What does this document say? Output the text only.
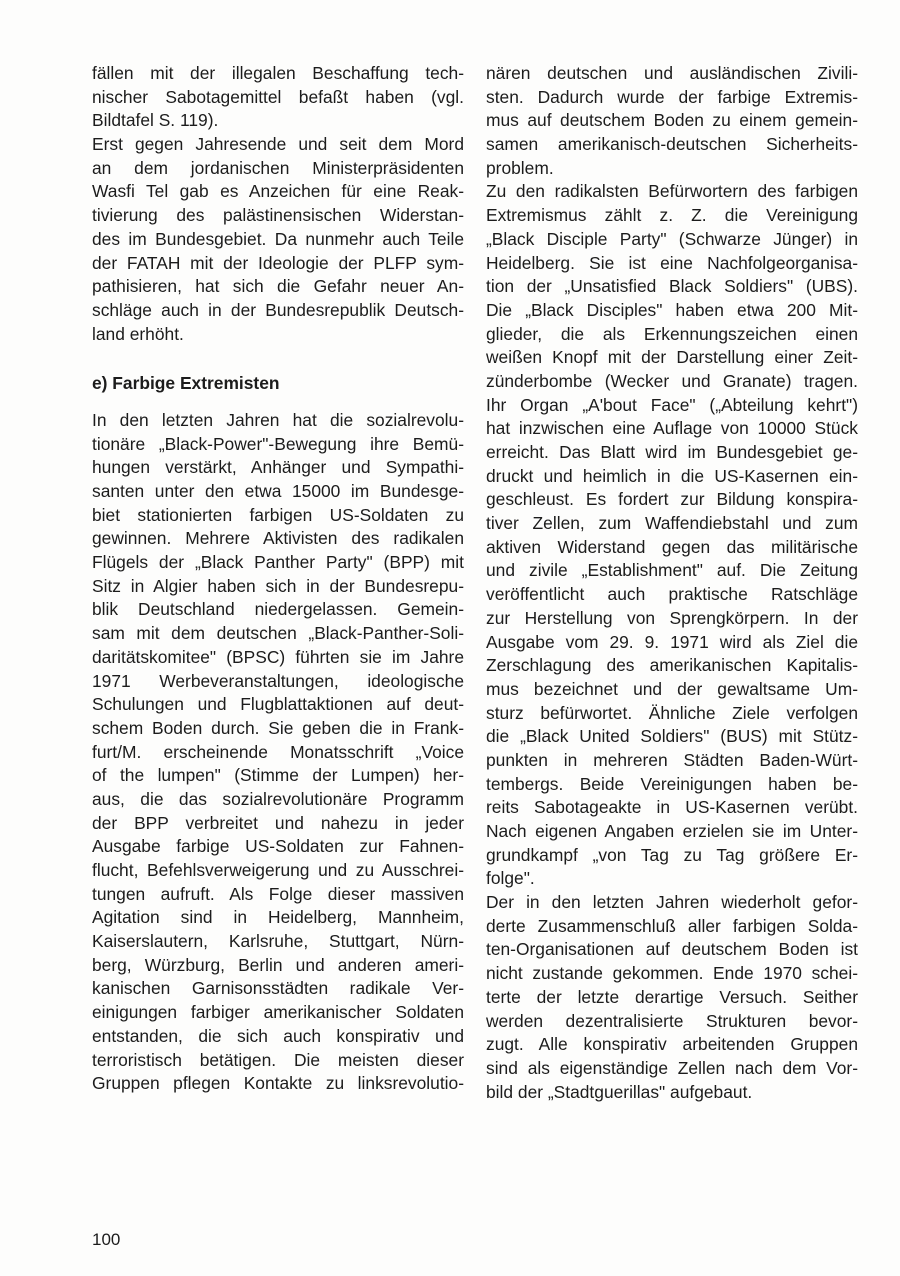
fällen mit der illegalen Beschaffung tech-
nischer Sabotagemittel befaßt haben (vgl.
Bildtafel S. 119).
Erst gegen Jahresende und seit dem Mord
an dem jordanischen Ministerpräsidenten
Wasfi Tel gab es Anzeichen für eine Reak-
tivierung des palästinensischen Widerstan-
des im Bundesgebiet. Da nunmehr auch Teile
der FATAH mit der Ideologie der PLFP sym-
pathisieren, hat sich die Gefahr neuer An-
schläge auch in der Bundesrepublik Deutsch-
land erhöht.
e) Farbige Extremisten
In den letzten Jahren hat die sozialrevolu-
tionäre „Black-Power"-Bewegung ihre Bemü-
hungen verstärkt, Anhänger und Sympathi-
santen unter den etwa 15000 im Bundesge-
biet stationierten farbigen US-Soldaten zu
gewinnen. Mehrere Aktivisten des radikalen
Flügels der „Black Panther Party" (BPP) mit
Sitz in Algier haben sich in der Bundesrepu-
blik Deutschland niedergelassen. Gemein-
sam mit dem deutschen „Black-Panther-Soli-
daritätskomitee" (BPSC) führten sie im Jahre
1971 Werbeveranstaltungen, ideologische
Schulungen und Flugblattaktionen auf deut-
schem Boden durch. Sie geben die in Frank-
furt/M. erscheinende Monatsschrift „Voice
of the lumpen" (Stimme der Lumpen) her-
aus, die das sozialrevolutionäre Programm
der BPP verbreitet und nahezu in jeder
Ausgabe farbige US-Soldaten zur Fahnen-
flucht, Befehlsverweigerung und zu Ausschrei-
tungen aufruft. Als Folge dieser massiven
Agitation sind in Heidelberg, Mannheim,
Kaiserslautern, Karlsruhe, Stuttgart, Nürn-
berg, Würzburg, Berlin und anderen ameri-
kanischen Garnisonsstädten radikale Ver-
einigungen farbiger amerikanischer Soldaten
entstanden, die sich auch konspirativ und
terroristisch betätigen. Die meisten dieser
Gruppen pflegen Kontakte zu linksrevolutio-
nären deutschen und ausländischen Zivili-
sten. Dadurch wurde der farbige Extremis-
mus auf deutschem Boden zu einem gemein-
samen amerikanisch-deutschen Sicherheits-
problem.
Zu den radikalsten Befürwortern des farbigen
Extremismus zählt z. Z. die Vereinigung
„Black Disciple Party" (Schwarze Jünger) in
Heidelberg. Sie ist eine Nachfolgeorganisa-
tion der „Unsatisfied Black Soldiers" (UBS).
Die „Black Disciples" haben etwa 200 Mit-
glieder, die als Erkennungszeichen einen
weißen Knopf mit der Darstellung einer Zeit-
zünderbombe (Wecker und Granate) tragen.
Ihr Organ „A'bout Face" („Abteilung kehrt")
hat inzwischen eine Auflage von 10000 Stück
erreicht. Das Blatt wird im Bundesgebiet ge-
druckt und heimlich in die US-Kasernen ein-
geschleust. Es fordert zur Bildung konspira-
tiver Zellen, zum Waffendiebstahl und zum
aktiven Widerstand gegen das militärische
und zivile „Establishment" auf. Die Zeitung
veröffentlicht auch praktische Ratschläge
zur Herstellung von Sprengkörpern. In der
Ausgabe vom 29. 9. 1971 wird als Ziel die
Zerschlagung des amerikanischen Kapitalis-
mus bezeichnet und der gewaltsame Um-
sturz befürwortet. Ähnliche Ziele verfolgen
die „Black United Soldiers" (BUS) mit Stütz-
punkten in mehreren Städten Baden-Würt-
tembergs. Beide Vereinigungen haben be-
reits Sabotageakte in US-Kasernen verübt.
Nach eigenen Angaben erzielen sie im Unter-
grundkampf „von Tag zu Tag größere Er-
folge".
Der in den letzten Jahren wiederholt gefor-
derte Zusammenschluß aller farbigen Solda-
ten-Organisationen auf deutschem Boden ist
nicht zustande gekommen. Ende 1970 schei-
terte der letzte derartige Versuch. Seither
werden dezentralisierte Strukturen bevor-
zugt. Alle konspirativ arbeitenden Gruppen
sind als eigenständige Zellen nach dem Vor-
bild der „Stadtguerillas" aufgebaut.
100
